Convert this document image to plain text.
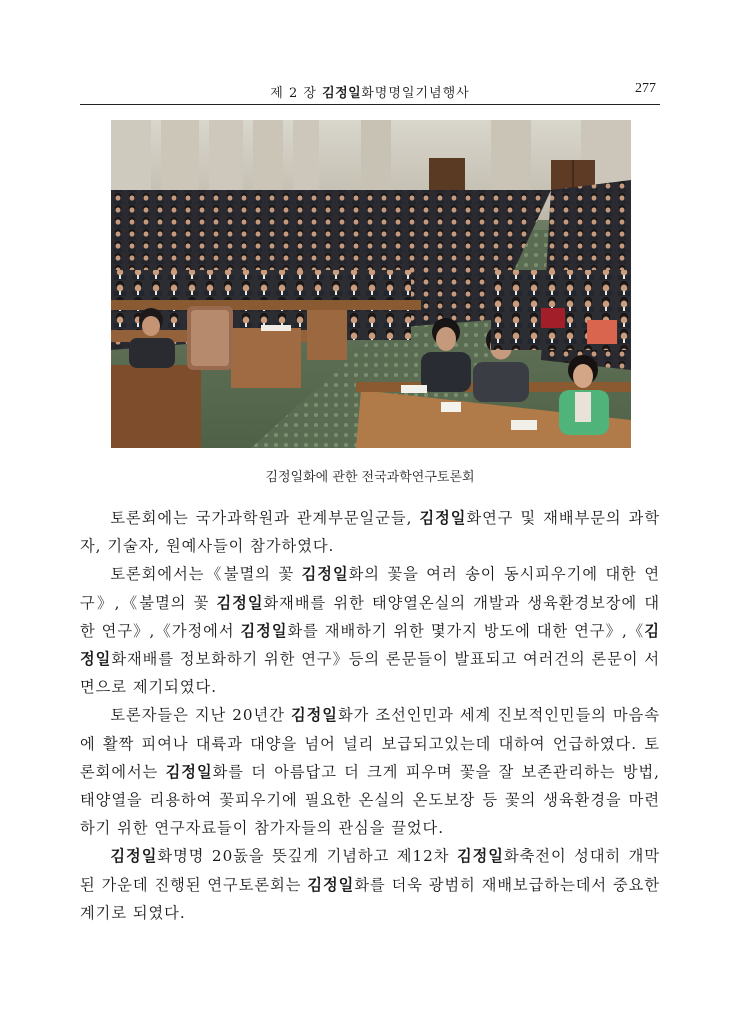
제 2 장 김정일화명명일기념행사	277
김정일화에 관한 전국과학연구토론회

토론회에는 국가과학원과 관계부문일군들, 김정일화연구 및 재배부문의 과학자, 기술자, 원예사들이 참가하였다.

토론회에서는《불멸의 꽃 김정일화의 꽃을 여러 송이 동시피우기에 대한 연구》,《불멸의 꽃 김정일화재배를 위한 태양열온실의 개발과 생육환경보장에 대한 연구》,《가정에서 김정일화를 재배하기 위한 몇가지 방도에 대한 연구》,《김정일화재배를 정보화하기 위한 연구》등의 론문들이 발표되고 여러건의 론문이 서면으로 제기되였다.

토론자들은 지난 20년간 김정일화가 조선인민과 세계 진보적인민들의 마음속에 활짝 피여나 대륙과 대양을 넘어 널리 보급되고있는데 대하여 언급하였다. 토론회에서는 김정일화를 더 아름답고 더 크게 피우며 꽃을 잘 보존관리하는 방법, 태양열을 리용하여 꽃피우기에 필요한 온실의 온도보장 등 꽃의 생육환경을 마련하기 위한 연구자료들이 참가자들의 관심을 끌었다.

김정일화명명 20돐을 뜻깊게 기념하고 제12차 김정일화축전이 성대히 개막된 가운데 진행된 연구토론회는 김정일화를 더욱 광범히 재배보급하는데서 중요한 계기로 되였다.
